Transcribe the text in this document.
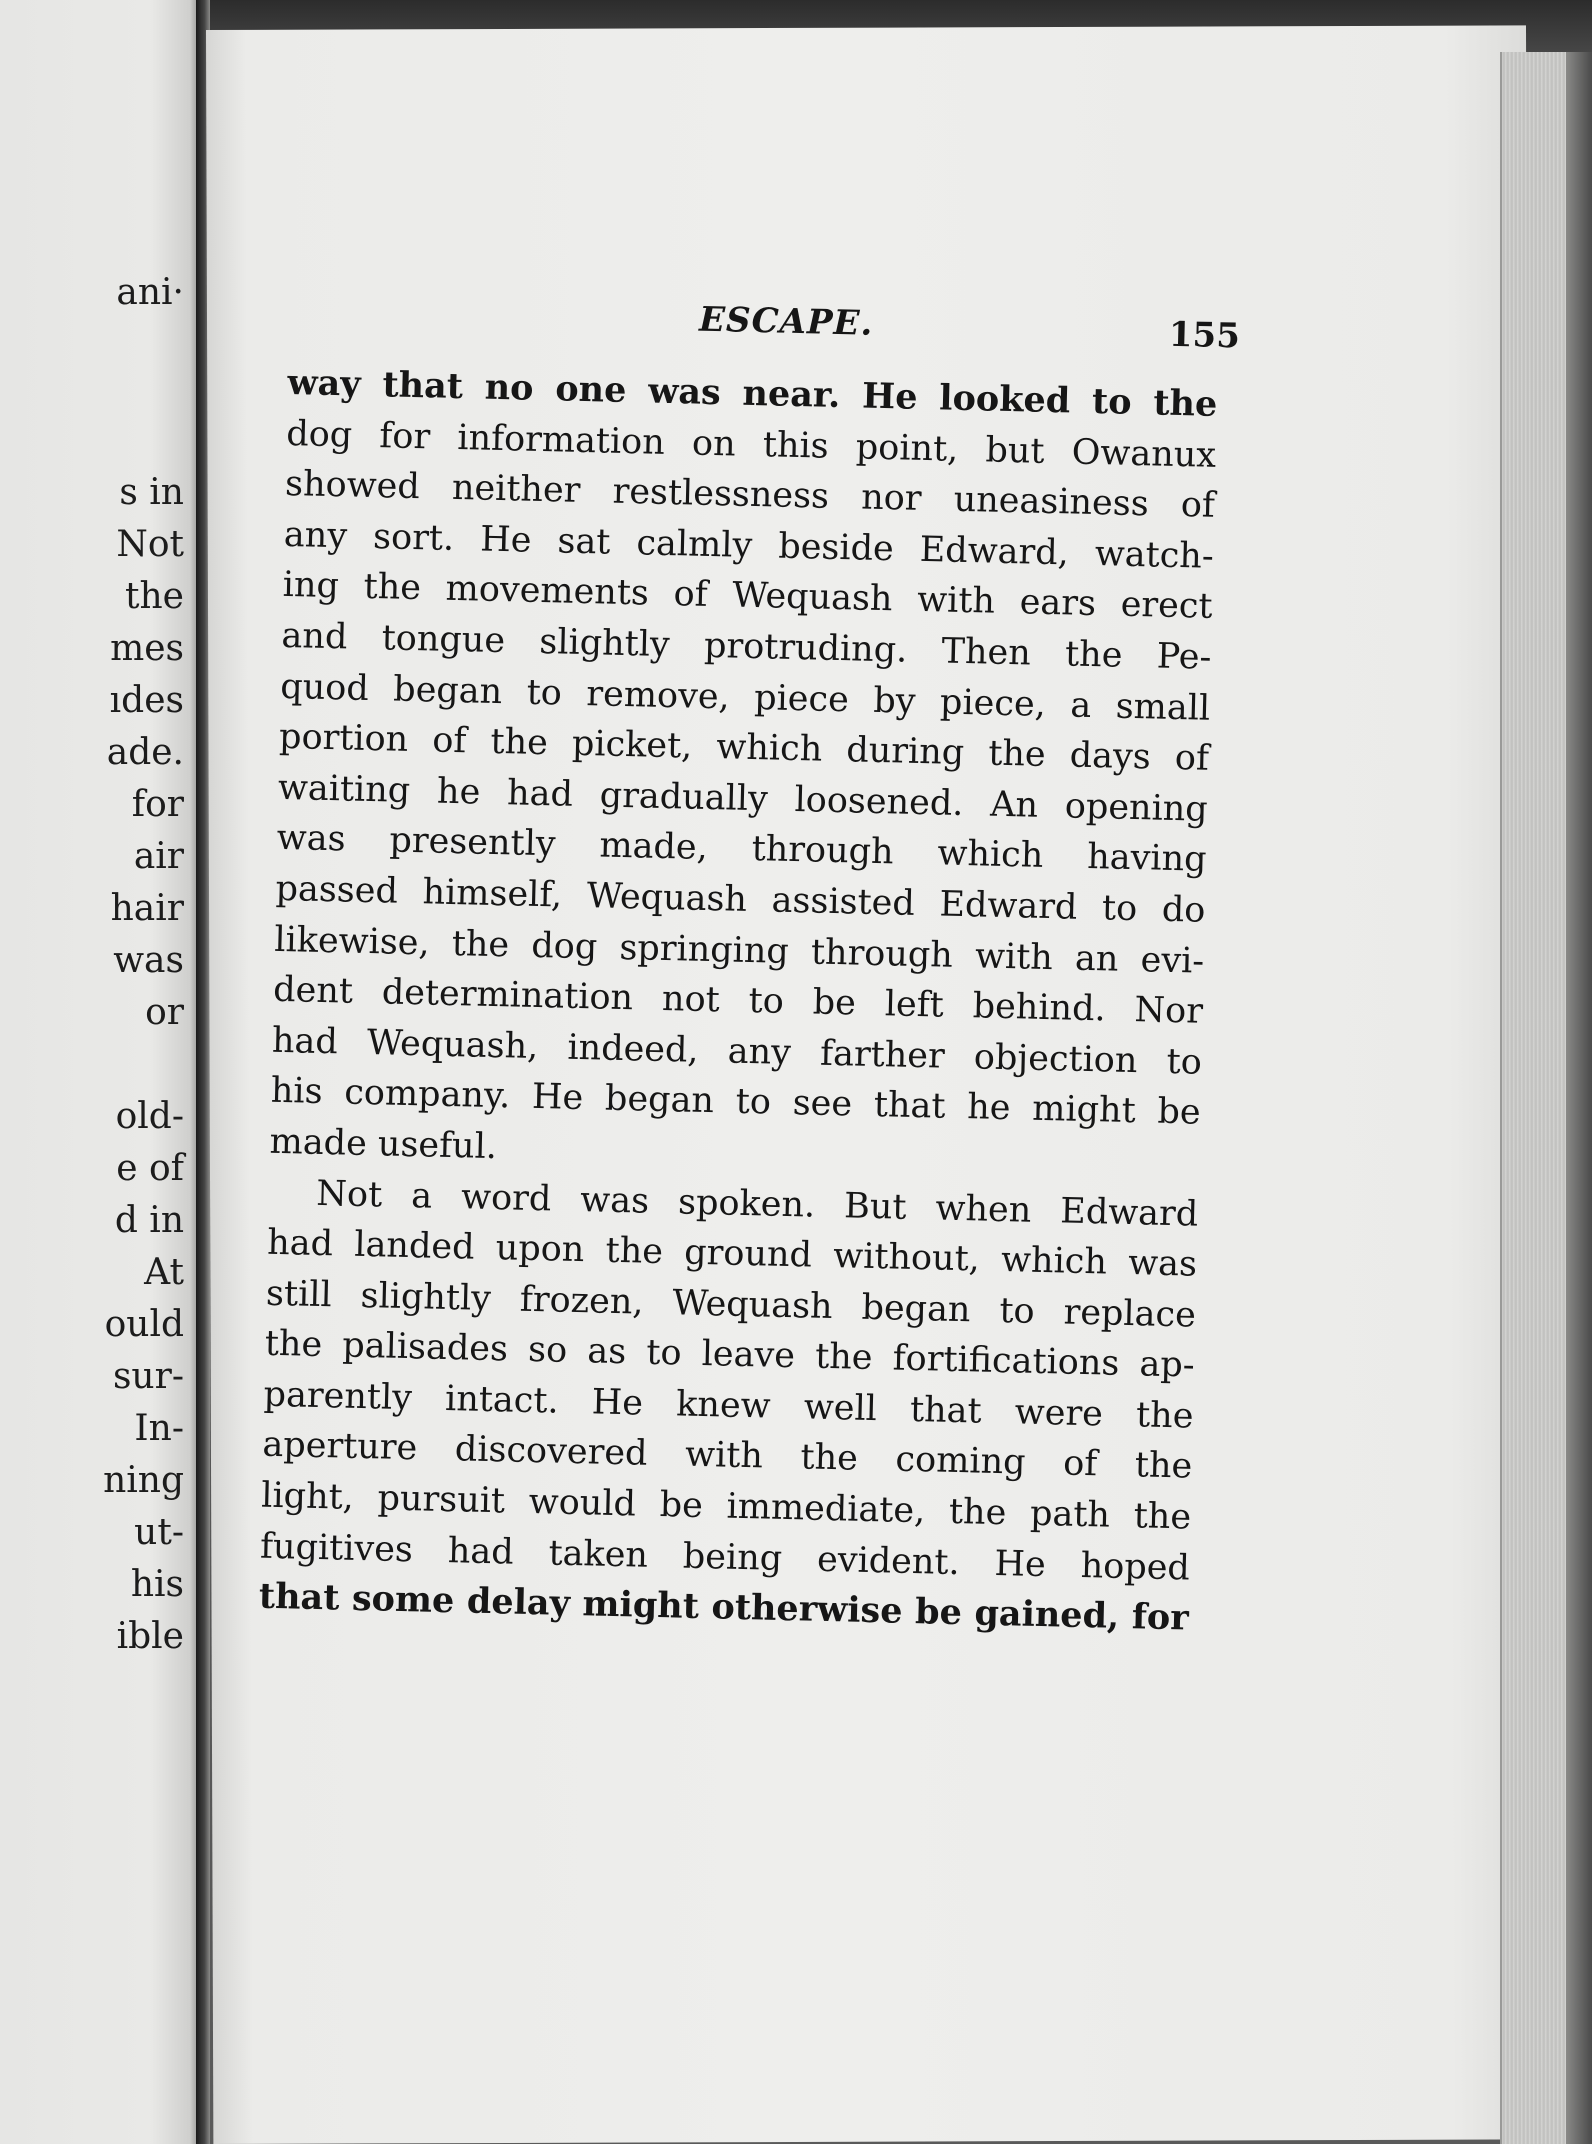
ani·
s in
Not
the
mes
ıdes
ade.
for
air
hair
was
or
old-
e of
d in
At
ould
sur-
In-
ning
ut-
his
ible
ESCAPE.	155
way that no one was near. He looked to the
dog for information on this point, but Owanux
showed neither restlessness nor uneasiness of
any sort. He sat calmly beside Edward, watch-
ing the movements of Wequash with ears erect
and tongue slightly protruding. Then the Pe-
quod began to remove, piece by piece, a small
portion of the picket, which during the days of
waiting he had gradually loosened. An opening
was presently made, through which having
passed himself, Wequash assisted Edward to do
likewise, the dog springing through with an evi-
dent determination not to be left behind. Nor
had Wequash, indeed, any farther objection to
his company. He began to see that he might be
made useful.
Not a word was spoken. But when Edward
had landed upon the ground without, which was
still slightly frozen, Wequash began to replace
the palisades so as to leave the fortifications ap-
parently intact. He knew well that were the
aperture discovered with the coming of the
light, pursuit would be immediate, the path the
fugitives had taken being evident. He hoped
that some delay might otherwise be gained, for
